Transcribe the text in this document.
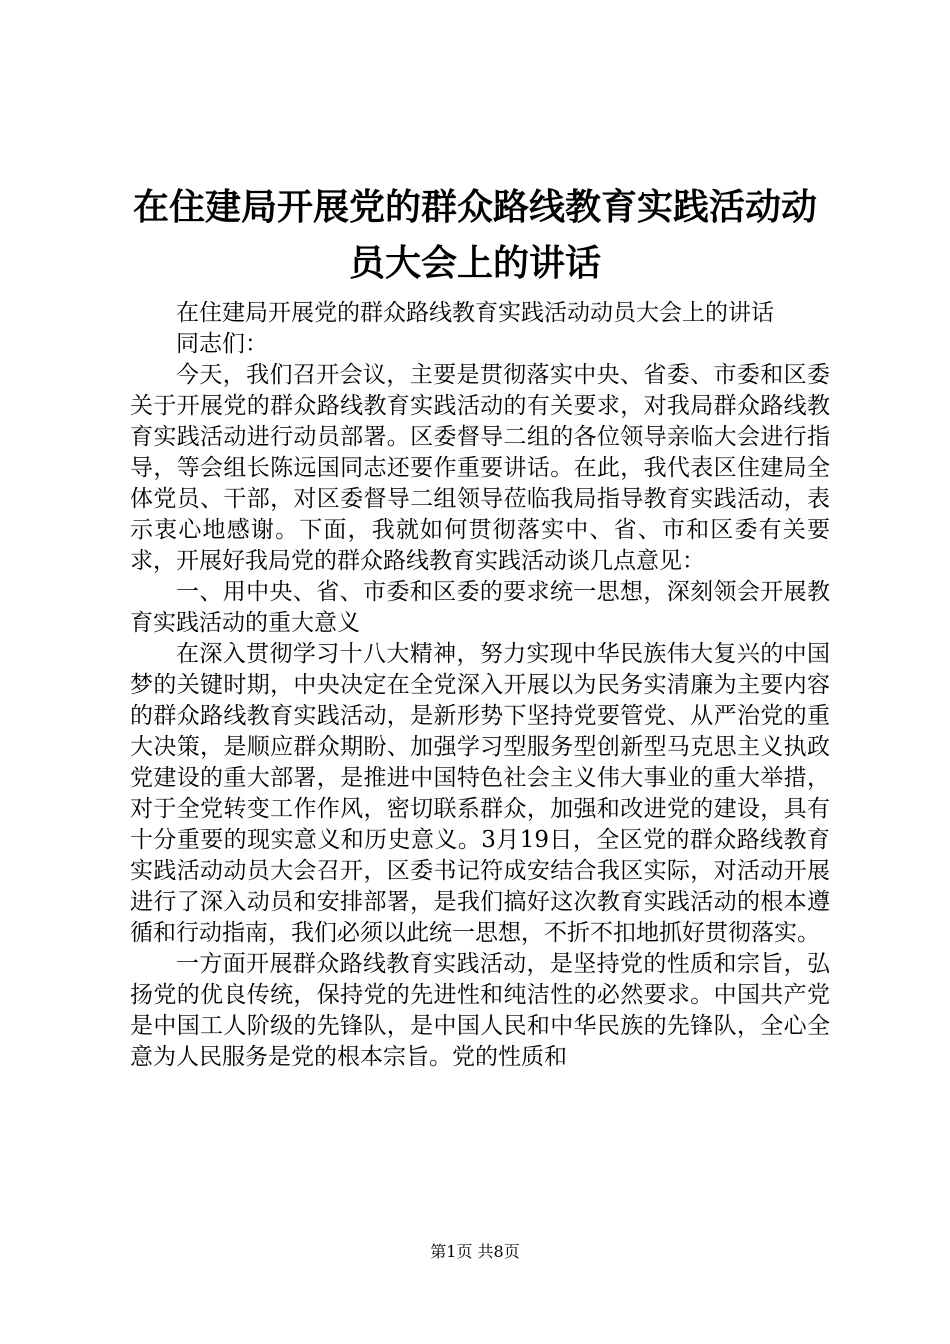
在住建局开展党的群众路线教育实践活动动员大会上的讲话

在住建局开展党的群众路线教育实践活动动员大会上的讲话

同志们：

今天，我们召开会议，主要是贯彻落实中央、省委、市委和区委关于开展党的群众路线教育实践活动的有关要求，对我局群众路线教育实践活动进行动员部署。区委督导二组的各位领导亲临大会进行指导，等会组长陈远国同志还要作重要讲话。在此，我代表区住建局全体党员、干部，对区委督导二组领导莅临我局指导教育实践活动，表示衷心地感谢。下面，我就如何贯彻落实中、省、市和区委有关要求，开展好我局党的群众路线教育实践活动谈几点意见：

一、用中央、省、市委和区委的要求统一思想，深刻领会开展教育实践活动的重大意义

在深入贯彻学习十八大精神，努力实现中华民族伟大复兴的中国梦的关键时期，中央决定在全党深入开展以为民务实清廉为主要内容的群众路线教育实践活动，是新形势下坚持党要管党、从严治党的重大决策，是顺应群众期盼、加强学习型服务型创新型马克思主义执政党建设的重大部署，是推进中国特色社会主义伟大事业的重大举措，对于全党转变工作作风，密切联系群众，加强和改进党的建设，具有十分重要的现实意义和历史意义。3月19日，全区党的群众路线教育实践活动动员大会召开，区委书记符成安结合我区实际，对活动开展进行了深入动员和安排部署，是我们搞好这次教育实践活动的根本遵循和行动指南，我们必须以此统一思想，不折不扣地抓好贯彻落实。

一方面开展群众路线教育实践活动，是坚持党的性质和宗旨，弘扬党的优良传统，保持党的先进性和纯洁性的必然要求。中国共产党是中国工人阶级的先锋队，是中国人民和中华民族的先锋队，全心全意为人民服务是党的根本宗旨。党的性质和

第1页 共8页
